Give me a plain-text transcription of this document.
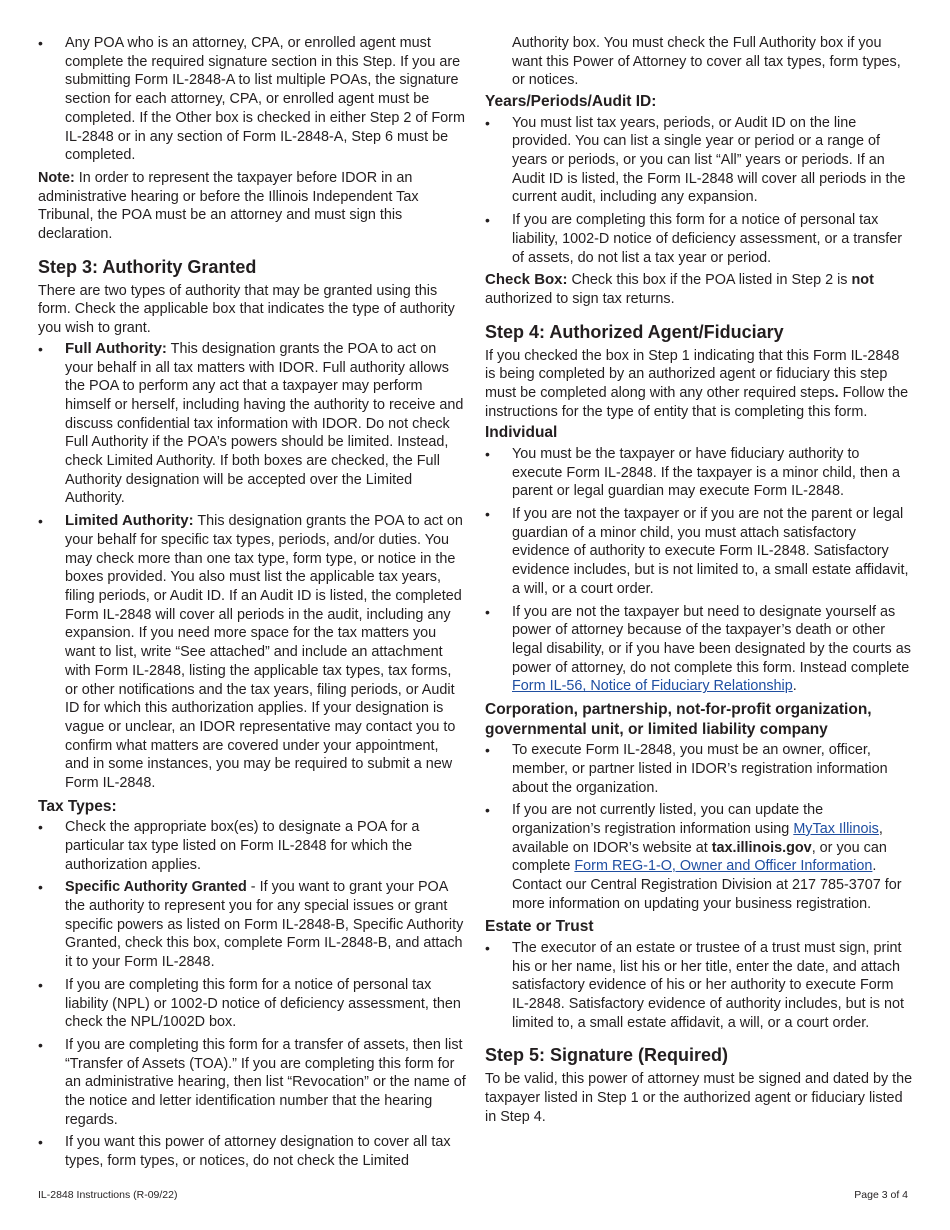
• Any POA who is an attorney, CPA, or enrolled agent must complete the required signature section in this Step. If you are submitting Form IL-2848-A to list multiple POAs, the signature section for each attorney, CPA, or enrolled agent must be completed. If the Other box is checked in either Step 2 of Form IL-2848 or in any section of Form IL-2848-A, Step 6 must be completed.

Note: In order to represent the taxpayer before IDOR in an administrative hearing or before the Illinois Independent Tax Tribunal, the POA must be an attorney and must sign this declaration.

Step 3: Authority Granted

There are two types of authority that may be granted using this form. Check the applicable box that indicates the type of authority you wish to grant.

• Full Authority: This designation grants the POA to act on your behalf in all tax matters with IDOR. Full authority allows the POA to perform any act that a taxpayer may perform himself or herself, including having the authority to receive and discuss confidential tax information with IDOR. Do not check Full Authority if the POA’s powers should be limited. Instead, check Limited Authority. If both boxes are checked, the Full Authority designation will be accepted over the Limited Authority.
• Limited Authority: This designation grants the POA to act on your behalf for specific tax types, periods, and/or duties. You may check more than one tax type, form type, or notice in the boxes provided. You also must list the applicable tax years, filing periods, or Audit ID. If an Audit ID is listed, the completed Form IL-2848 will cover all periods in the audit, including any expansion. If you need more space for the tax matters you want to list, write “See attached” and include an attachment with Form IL-2848, listing the applicable tax types, tax forms, or other notifications and the tax years, filing periods, or Audit ID for which this authorization applies. If your designation is vague or unclear, an IDOR representative may contact you to confirm what matters are covered under your appointment, and in some instances, you may be required to submit a new Form IL-2848.
Tax Types:
• Check the appropriate box(es) to designate a POA for a particular tax type listed on Form IL-2848 for which the authorization applies.
• Specific Authority Granted - If you want to grant your POA the authority to represent you for any special issues or grant specific powers as listed on Form IL-2848-B, Specific Authority Granted, check this box, complete Form IL-2848-B, and attach it to your Form IL-2848.
• If you are completing this form for a notice of personal tax liability (NPL) or 1002-D notice of deficiency assessment, then check the NPL/1002D box.
• If you are completing this form for a transfer of assets, then list “Transfer of Assets (TOA).” If you are completing this form for an administrative hearing, then list “Revocation” or the name of the notice and letter identification number that the hearing regards.
• If you want this power of attorney designation to cover all tax types, form types, or notices, do not check the Limited

Authority box. You must check the Full Authority box if you want this Power of Attorney to cover all tax types, form types, or notices.

Years/Periods/Audit ID:
• You must list tax years, periods, or Audit ID on the line provided. You can list a single year or period or a range of years or periods, or you can list “All” years or periods. If an Audit ID is listed, the Form IL-2848 will cover all periods in the current audit, including any expansion.
• If you are completing this form for a notice of personal tax liability, 1002-D notice of deficiency assessment, or a transfer of assets, do not list a tax year or period.

Check Box: Check this box if the POA listed in Step 2 is not authorized to sign tax returns.

Step 4: Authorized Agent/Fiduciary

If you checked the box in Step 1 indicating that this Form IL-2848 is being completed by an authorized agent or fiduciary this step must be completed along with any other required steps. Follow the instructions for the type of entity that is completing this form.

Individual
• You must be the taxpayer or have fiduciary authority to execute Form IL-2848. If the taxpayer is a minor child, then a parent or legal guardian may execute Form IL-2848.
• If you are not the taxpayer or if you are not the parent or legal guardian of a minor child, you must attach satisfactory evidence of authority to execute Form IL-2848. Satisfactory evidence includes, but is not limited to, a small estate affidavit, a will, or a court order.
• If you are not the taxpayer but need to designate yourself as power of attorney because of the taxpayer’s death or other legal disability, or if you have been designated by the courts as power of attorney, do not complete this form. Instead complete Form IL-56, Notice of Fiduciary Relationship.
Corporation, partnership, not-for-profit organization, governmental unit, or limited liability company
• To execute Form IL-2848, you must be an owner, officer, member, or partner listed in IDOR’s registration information about the organization.
• If you are not currently listed, you can update the organization’s registration information using MyTax Illinois, available on IDOR’s website at tax.illinois.gov, or you can complete Form REG-1-O, Owner and Officer Information. Contact our Central Registration Division at 217 785-3707 for more information on updating your business registration.
Estate or Trust
• The executor of an estate or trustee of a trust must sign, print his or her name, list his or her title, enter the date, and attach satisfactory evidence of his or her authority to execute Form IL-2848. Satisfactory evidence of authority includes, but is not limited to, a small estate affidavit, a will, or a court order.
Step 5: Signature (Required)

To be valid, this power of attorney must be signed and dated by the taxpayer listed in Step 1 or the authorized agent or fiduciary listed in Step 4.

IL-2848 Instructions (R-09/22)	Page 3 of 4
